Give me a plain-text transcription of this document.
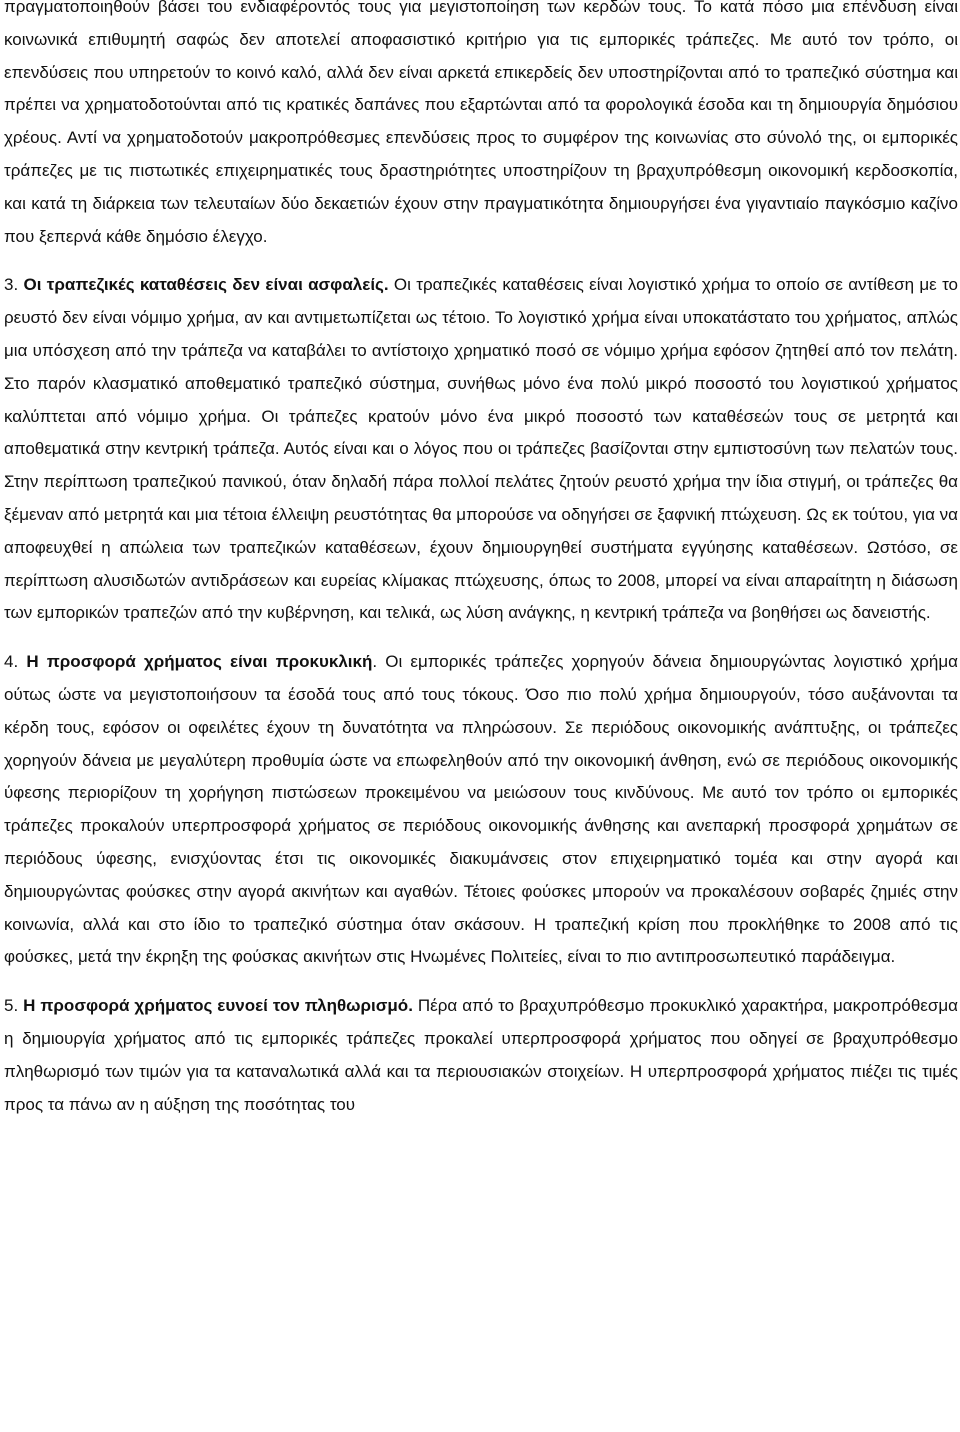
πραγματοποιηθούν βάσει του ενδιαφέροντός τους για μεγιστοποίηση των κερδών τους. Το κατά πόσο μια επένδυση είναι κοινωνικά επιθυμητή σαφώς δεν αποτελεί αποφασιστικό κριτήριο για τις εμπορικές τράπεζες. Με αυτό τον τρόπο, οι επενδύσεις που υπηρετούν το κοινό καλό, αλλά δεν είναι αρκετά επικερδείς δεν υποστηρίζονται από το τραπεζικό σύστημα και πρέπει να χρηματοδοτούνται από τις κρατικές δαπάνες που εξαρτώνται από τα φορολογικά έσοδα και τη δημιουργία δημόσιου χρέους. Αντί να χρηματοδοτούν μακροπρόθεσμες επενδύσεις προς το συμφέρον της κοινωνίας στο σύνολό της, οι εμπορικές τράπεζες με τις πιστωτικές επιχειρηματικές τους δραστηριότητες υποστηρίζουν τη βραχυπρόθεσμη οικονομική κερδοσκοπία, και κατά τη διάρκεια των τελευταίων δύο δεκαετιών έχουν στην πραγματικότητα δημιουργήσει ένα γιγαντιαίο παγκόσμιο καζίνο που ξεπερνά κάθε δημόσιο έλεγχο.

3. Οι τραπεζικές καταθέσεις δεν είναι ασφαλείς. Οι τραπεζικές καταθέσεις είναι λογιστικό χρήμα το οποίο σε αντίθεση με το ρευστό δεν είναι νόμιμο χρήμα, αν και αντιμετωπίζεται ως τέτοιο. Το λογιστικό χρήμα είναι υποκατάστατο του χρήματος, απλώς μια υπόσχεση από την τράπεζα να καταβάλει το αντίστοιχο χρηματικό ποσό σε νόμιμο χρήμα εφόσον ζητηθεί από τον πελάτη. Στο παρόν κλασματικό αποθεματικό τραπεζικό σύστημα, συνήθως μόνο ένα πολύ μικρό ποσοστό του λογιστικού χρήματος καλύπτεται από νόμιμο χρήμα. Οι τράπεζες κρατούν μόνο ένα μικρό ποσοστό των καταθέσεών τους σε μετρητά και αποθεματικά στην κεντρική τράπεζα. Αυτός είναι και ο λόγος που οι τράπεζες βασίζονται στην εμπιστοσύνη των πελατών τους. Στην περίπτωση τραπεζικού πανικού, όταν δηλαδή πάρα πολλοί πελάτες ζητούν ρευστό χρήμα την ίδια στιγμή, οι τράπεζες θα ξέμεναν από μετρητά και μια τέτοια έλλειψη ρευστότητας θα μπορούσε να οδηγήσει σε ξαφνική πτώχευση. Ως εκ τούτου, για να αποφευχθεί η απώλεια των τραπεζικών καταθέσεων, έχουν δημιουργηθεί συστήματα εγγύησης καταθέσεων. Ωστόσο, σε περίπτωση αλυσιδωτών αντιδράσεων και ευρείας κλίμακας πτώχευσης, όπως το 2008, μπορεί να είναι απαραίτητη η διάσωση των εμπορικών τραπεζών από την κυβέρνηση, και τελικά, ως λύση ανάγκης, η κεντρική τράπεζα να βοηθήσει ως δανειστής.

4. Η προσφορά χρήματος είναι προκυκλική. Οι εμπορικές τράπεζες χορηγούν δάνεια δημιουργώντας λογιστικό χρήμα ούτως ώστε να μεγιστοποιήσουν τα έσοδά τους από τους τόκους. Όσο πιο πολύ χρήμα δημιουργούν, τόσο αυξάνονται τα κέρδη τους, εφόσον οι οφειλέτες έχουν τη δυνατότητα να πληρώσουν. Σε περιόδους οικονομικής ανάπτυξης, οι τράπεζες χορηγούν δάνεια με μεγαλύτερη προθυμία ώστε να επωφεληθούν από την οικονομική άνθηση, ενώ σε περιόδους οικονομικής ύφεσης περιορίζουν τη χορήγηση πιστώσεων προκειμένου να μειώσουν τους κινδύνους. Με αυτό τον τρόπο οι εμπορικές τράπεζες προκαλούν υπερπροσφορά χρήματος σε περιόδους οικονομικής άνθησης και ανεπαρκή προσφορά χρημάτων σε περιόδους ύφεσης, ενισχύοντας έτσι τις οικονομικές διακυμάνσεις στον επιχειρηματικό τομέα και στην αγορά και δημιουργώντας φούσκες στην αγορά ακινήτων και αγαθών. Τέτοιες φούσκες μπορούν να προκαλέσουν σοβαρές ζημιές στην κοινωνία, αλλά και στο ίδιο το τραπεζικό σύστημα όταν σκάσουν. Η τραπεζική κρίση που προκλήθηκε το 2008 από τις φούσκες, μετά την έκρηξη της φούσκας ακινήτων στις Ηνωμένες Πολιτείες, είναι το πιο αντιπροσωπευτικό παράδειγμα.

5. Η προσφορά χρήματος ευνοεί τον πληθωρισμό. Πέρα από το βραχυπρόθεσμο προκυκλικό χαρακτήρα, μακροπρόθεσμα η δημιουργία χρήματος από τις εμπορικές τράπεζες προκαλεί υπερπροσφορά χρήματος που οδηγεί σε βραχυπρόθεσμο πληθωρισμό των τιμών για τα καταναλωτικά αλλά και τα περιουσιακών στοιχείων. Η υπερπροσφορά χρήματος πιέζει τις τιμές προς τα πάνω αν η αύξηση της ποσότητας του
